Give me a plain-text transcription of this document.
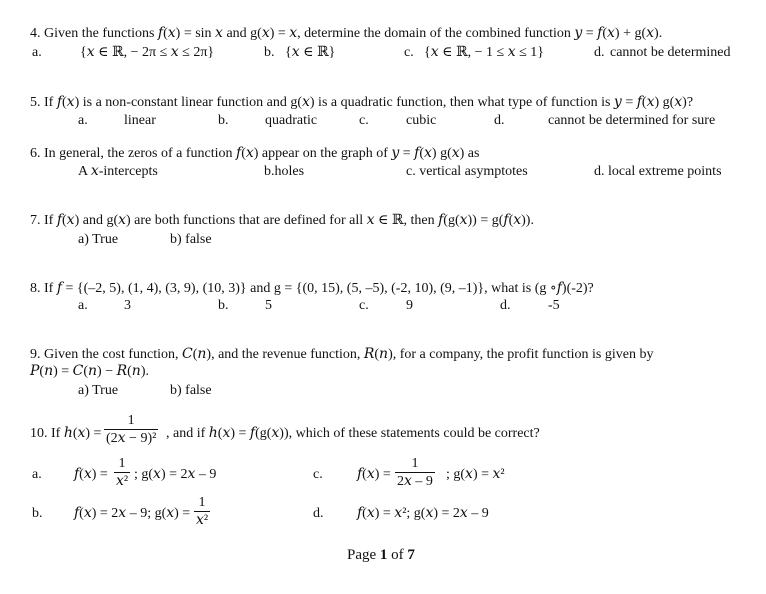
4. Given the functions 𝑓(𝑥) = sin 𝑥 and g(𝑥) = 𝑥, determine the domain of the combined function 𝑦 = 𝑓(𝑥) + g(𝑥).
a.	{𝑥 ∈ ℝ, − 2π ≤ 𝑥 ≤ 2π}	b. {𝑥 ∈ ℝ}	c. {𝑥 ∈ ℝ, − 1 ≤ 𝑥 ≤ 1}	d. cannot be determined
5. If 𝑓(𝑥) is a non-constant linear function and g(𝑥) is a quadratic function, then what type of function is 𝑦 = 𝑓(𝑥) g(𝑥)?
a.	linear	b.	quadratic	c.	cubic	d.	cannot be determined for sure
6. In general, the zeros of a function 𝑓(𝑥) appear on the graph of 𝑦 = 𝑓(𝑥) g(𝑥) as
A 𝑥-intercepts	b.holes	c. vertical asymptotes	d. local extreme points
7. If 𝑓(𝑥) and g(𝑥) are both functions that are defined for all 𝑥 ∈ ℝ, then 𝑓(g(𝑥)) = g(𝑓(𝑥)).
a) True	b) false
8. If 𝑓 = {(–2, 5), (1, 4), (3, 9), (10, 3)} and g = {(0, 15), (5, –5), (-2, 10), (9, –1)}, what is (g ∘𝑓)(-2)?
a.	3	b.	5	c.	9	d.	-5
9. Given the cost function, 𝐶(𝑛), and the revenue function, 𝑅(𝑛), for a company, the profit function is given by
𝑃(𝑛) = 𝐶(𝑛) − 𝑅(𝑛).
a) True	b) false
10. If ℎ(𝑥) =
1
(2𝑥 − 9)² , and if ℎ(𝑥) = 𝑓(g(𝑥)), which of these statements could be correct?
a. 𝑓(𝑥) =
1
𝑥² ; g(𝑥) = 2𝑥 – 9	c. 𝑓(𝑥) =
1
2𝑥 – 9 ; g(𝑥) = 𝑥²
b. 𝑓(𝑥) = 2𝑥 – 9; g(𝑥) =
1
𝑥²	d. 𝑓(𝑥) = 𝑥²; g(𝑥) = 2𝑥 – 9
Page 1 of 7
